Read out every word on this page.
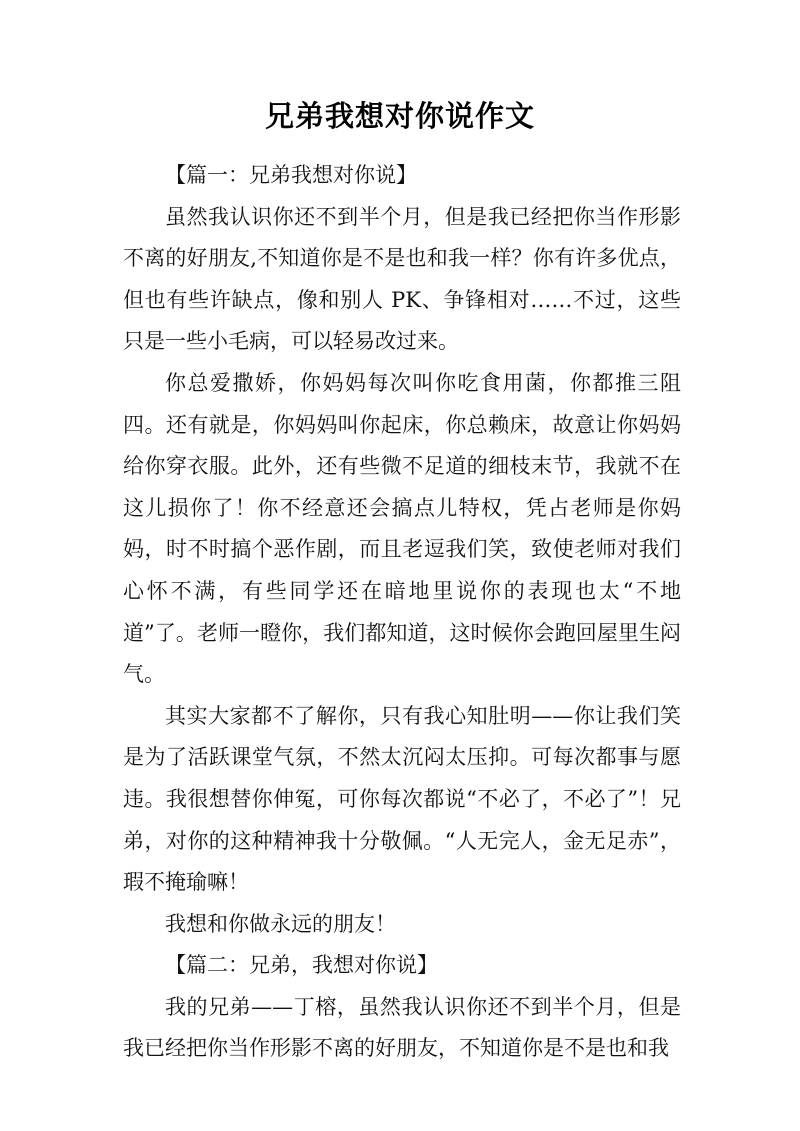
兄弟我想对你说作文

【篇一：兄弟我想对你说】

虽然我认识你还不到半个月，但是我已经把你当作形影不离的好朋友,不知道你是不是也和我一样？你有许多优点，但也有些许缺点，像和别人 PK、争锋相对……不过，这些只是一些小毛病，可以轻易改过来。

你总爱撒娇，你妈妈每次叫你吃食用菌，你都推三阻四。还有就是，你妈妈叫你起床，你总赖床，故意让你妈妈给你穿衣服。此外，还有些微不足道的细枝末节，我就不在这儿损你了！你不经意还会搞点儿特权，凭占老师是你妈妈，时不时搞个恶作剧，而且老逗我们笑，致使老师对我们心怀不满，有些同学还在暗地里说你的表现也太“不地道”了。老师一瞪你，我们都知道，这时候你会跑回屋里生闷气。

其实大家都不了解你，只有我心知肚明——你让我们笑是为了活跃课堂气氛，不然太沉闷太压抑。可每次都事与愿违。我很想替你伸冤，可你每次都说“不必了，不必了”！兄弟，对你的这种精神我十分敬佩。“人无完人，金无足赤”，瑕不掩瑜嘛！

我想和你做永远的朋友！

【篇二：兄弟，我想对你说】

我的兄弟——丁榕，虽然我认识你还不到半个月，但是我已经把你当作形影不离的好朋友，不知道你是不是也和我
